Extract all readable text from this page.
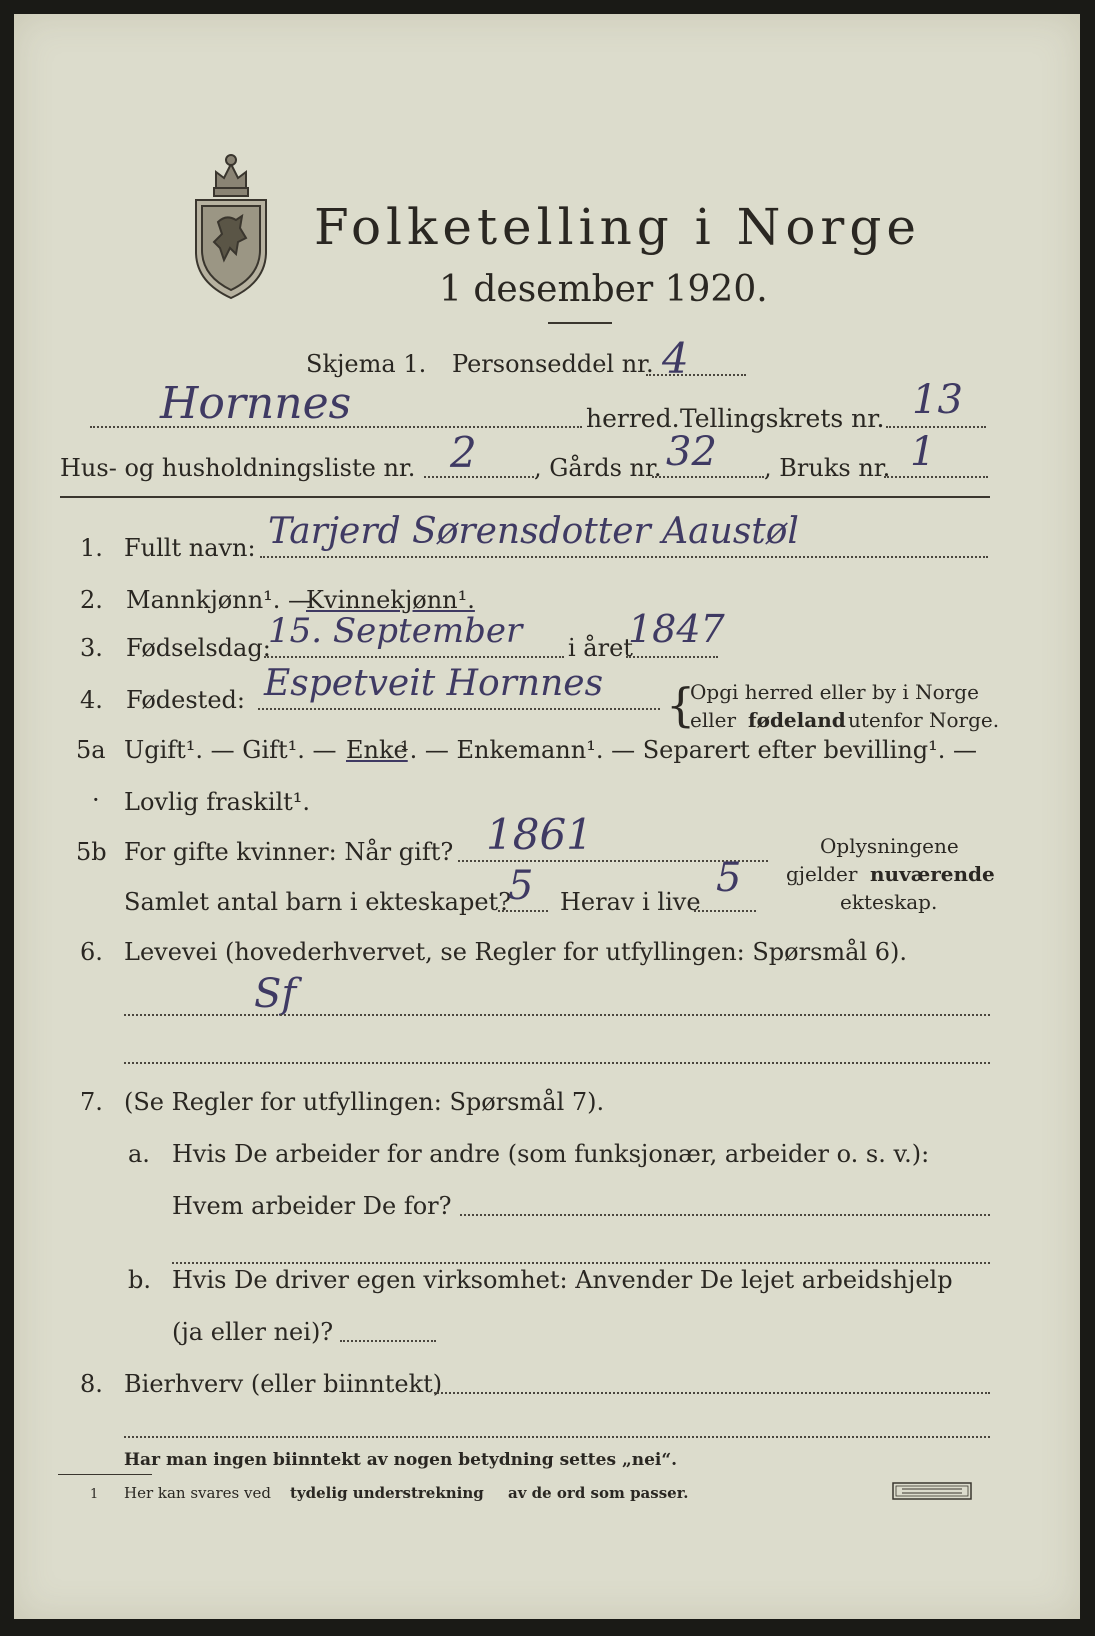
Folketelling i Norge
1 desember 1920.
Skjema 1. Personseddel nr. 4
Hornnes	herred. Tellingskrets nr. 13
Hus- og husholdningsliste nr. 2 , Gårds nr. 32 , Bruks nr. 1
1. Fullt navn: Tarjerd Sørensdotter Aaustøl
2. Mannkjønn¹. —
Kvinnekjønn¹.
3. Fødselsdag:
15. September i året
1847
4. Fødested: Espetveit Hornnes {
Opgi herred eller by i Norge
eller fødeland utenfor Norge.
5a Ugift¹. — Gift¹. — Enke
¹. — Enkemann¹. — Separert efter bevilling¹. —
· Lovlig fraskilt¹.
5b For gifte kvinner: Når gift? 1861
Samlet antal barn i ekteskapet?
5 Herav i live
5
Oplysningene
gjelder nuværende
ekteskap.
6. Levevei (hovederhvervet, se Regler for utfyllingen: Spørsmål 6).
Sf
7. (Se Regler for utfyllingen: Spørsmål 7).
a. Hvis De arbeider for andre (som funksjonær, arbeider o. s. v.):
Hvem arbeider De for?
b. Hvis De driver egen virksomhet: Anvender De lejet arbeidshjelp
(ja eller nei)?
8. Bierhverv (eller biinntekt)
Har man ingen biinntekt av nogen betydning settes „nei“.
1 Her kan svares ved tydelig understrekning av de ord som passer.
